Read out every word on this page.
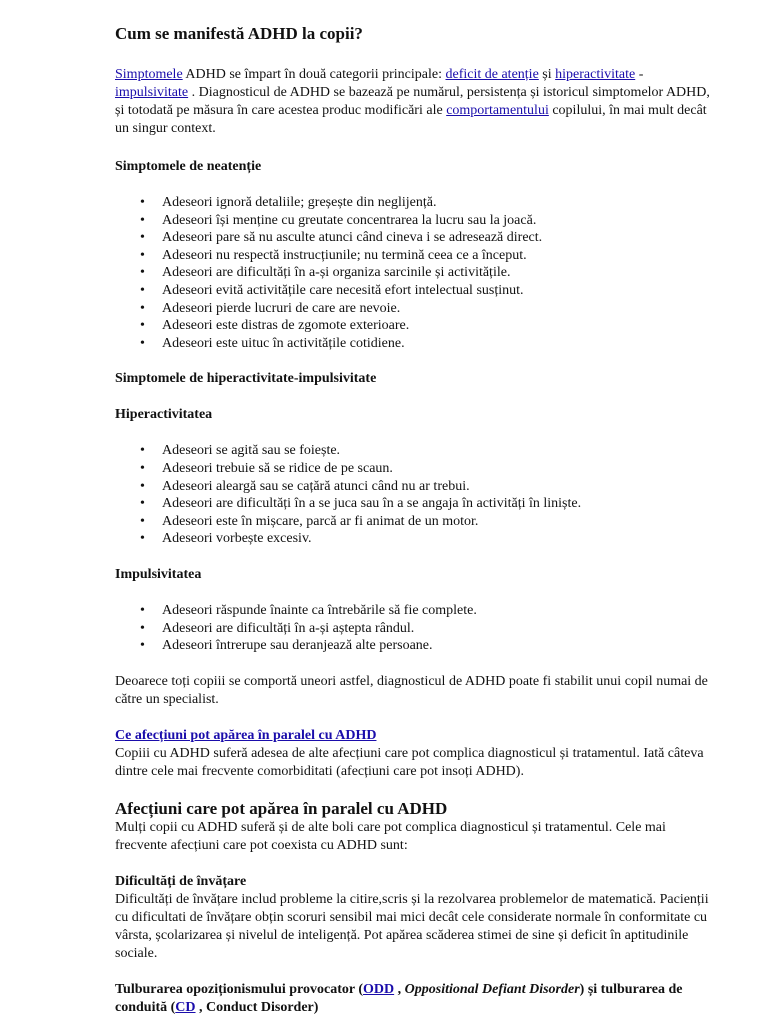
Cum se manifestă ADHD la copii?

Simptomele ADHD se împart în două categorii principale: deficit de atenție și hiperactivitate - impulsivitate . Diagnosticul de ADHD se bazează pe numărul, persistența și istoricul simptomelor ADHD, și totodată pe măsura în care acestea produc modificări ale comportamentului copilului, în mai mult decât un singur context.

Simptomele de neatenție
• Adeseori ignoră detaliile; greșește din neglijență.
• Adeseori își menține cu greutate concentrarea la lucru sau la joacă.
• Adeseori pare să nu asculte atunci când cineva i se adresează direct.
• Adeseori nu respectă instrucțiunile; nu termină ceea ce a început.
• Adeseori are dificultăți în a-și organiza sarcinile și activitățile.
• Adeseori evită activitățile care necesită efort intelectual susținut.
• Adeseori pierde lucruri de care are nevoie.
• Adeseori este distras de zgomote exterioare.
• Adeseori este uituc în activitățile cotidiene.
Simptomele de hiperactivitate-impulsivitate
Hiperactivitatea
• Adeseori se agită sau se foiește.
• Adeseori trebuie să se ridice de pe scaun.
• Adeseori aleargă sau se cațără atunci când nu ar trebui.
• Adeseori are dificultăți în a se juca sau în a se angaja în activități în liniște.
• Adeseori este în mișcare, parcă ar fi animat de un motor.
• Adeseori vorbește excesiv.
Impulsivitatea
• Adeseori răspunde înainte ca întrebările să fie complete.
• Adeseori are dificultăți în a-și aștepta rândul.
• Adeseori întrerupe sau deranjează alte persoane.

Deoarece toți copiii se comportă uneori astfel, diagnosticul de ADHD poate fi stabilit unui copil numai de către un specialist.

Ce afecțiuni pot apărea în paralel cu ADHD
Copiii cu ADHD suferă adesea de alte afecțiuni care pot complica diagnosticul și tratamentul. Iată câteva dintre cele mai frecvente comorbiditati (afecțiuni care pot insoți ADHD).

Afecțiuni care pot apărea în paralel cu ADHD

Mulți copii cu ADHD suferă și de alte boli care pot complica diagnosticul și tratamentul. Cele mai frecvente afecțiuni care pot coexista cu ADHD sunt:

Dificultăți de învățare

Dificultăți de învățare includ probleme la citire,scris și la rezolvarea problemelor de matematică. Pacienții cu dificultati de învățare obțin scoruri sensibil mai mici decât cele considerate normale în conformitate cu vârsta, școlarizarea și nivelul de inteligență. Pot apărea scăderea stimei de sine și deficit în aptitudinile sociale.

Tulburarea opoziționismului provocator (ODD , Oppositional Defiant Disorder) și tulburarea de conduită (CD , Conduct Disorder)
